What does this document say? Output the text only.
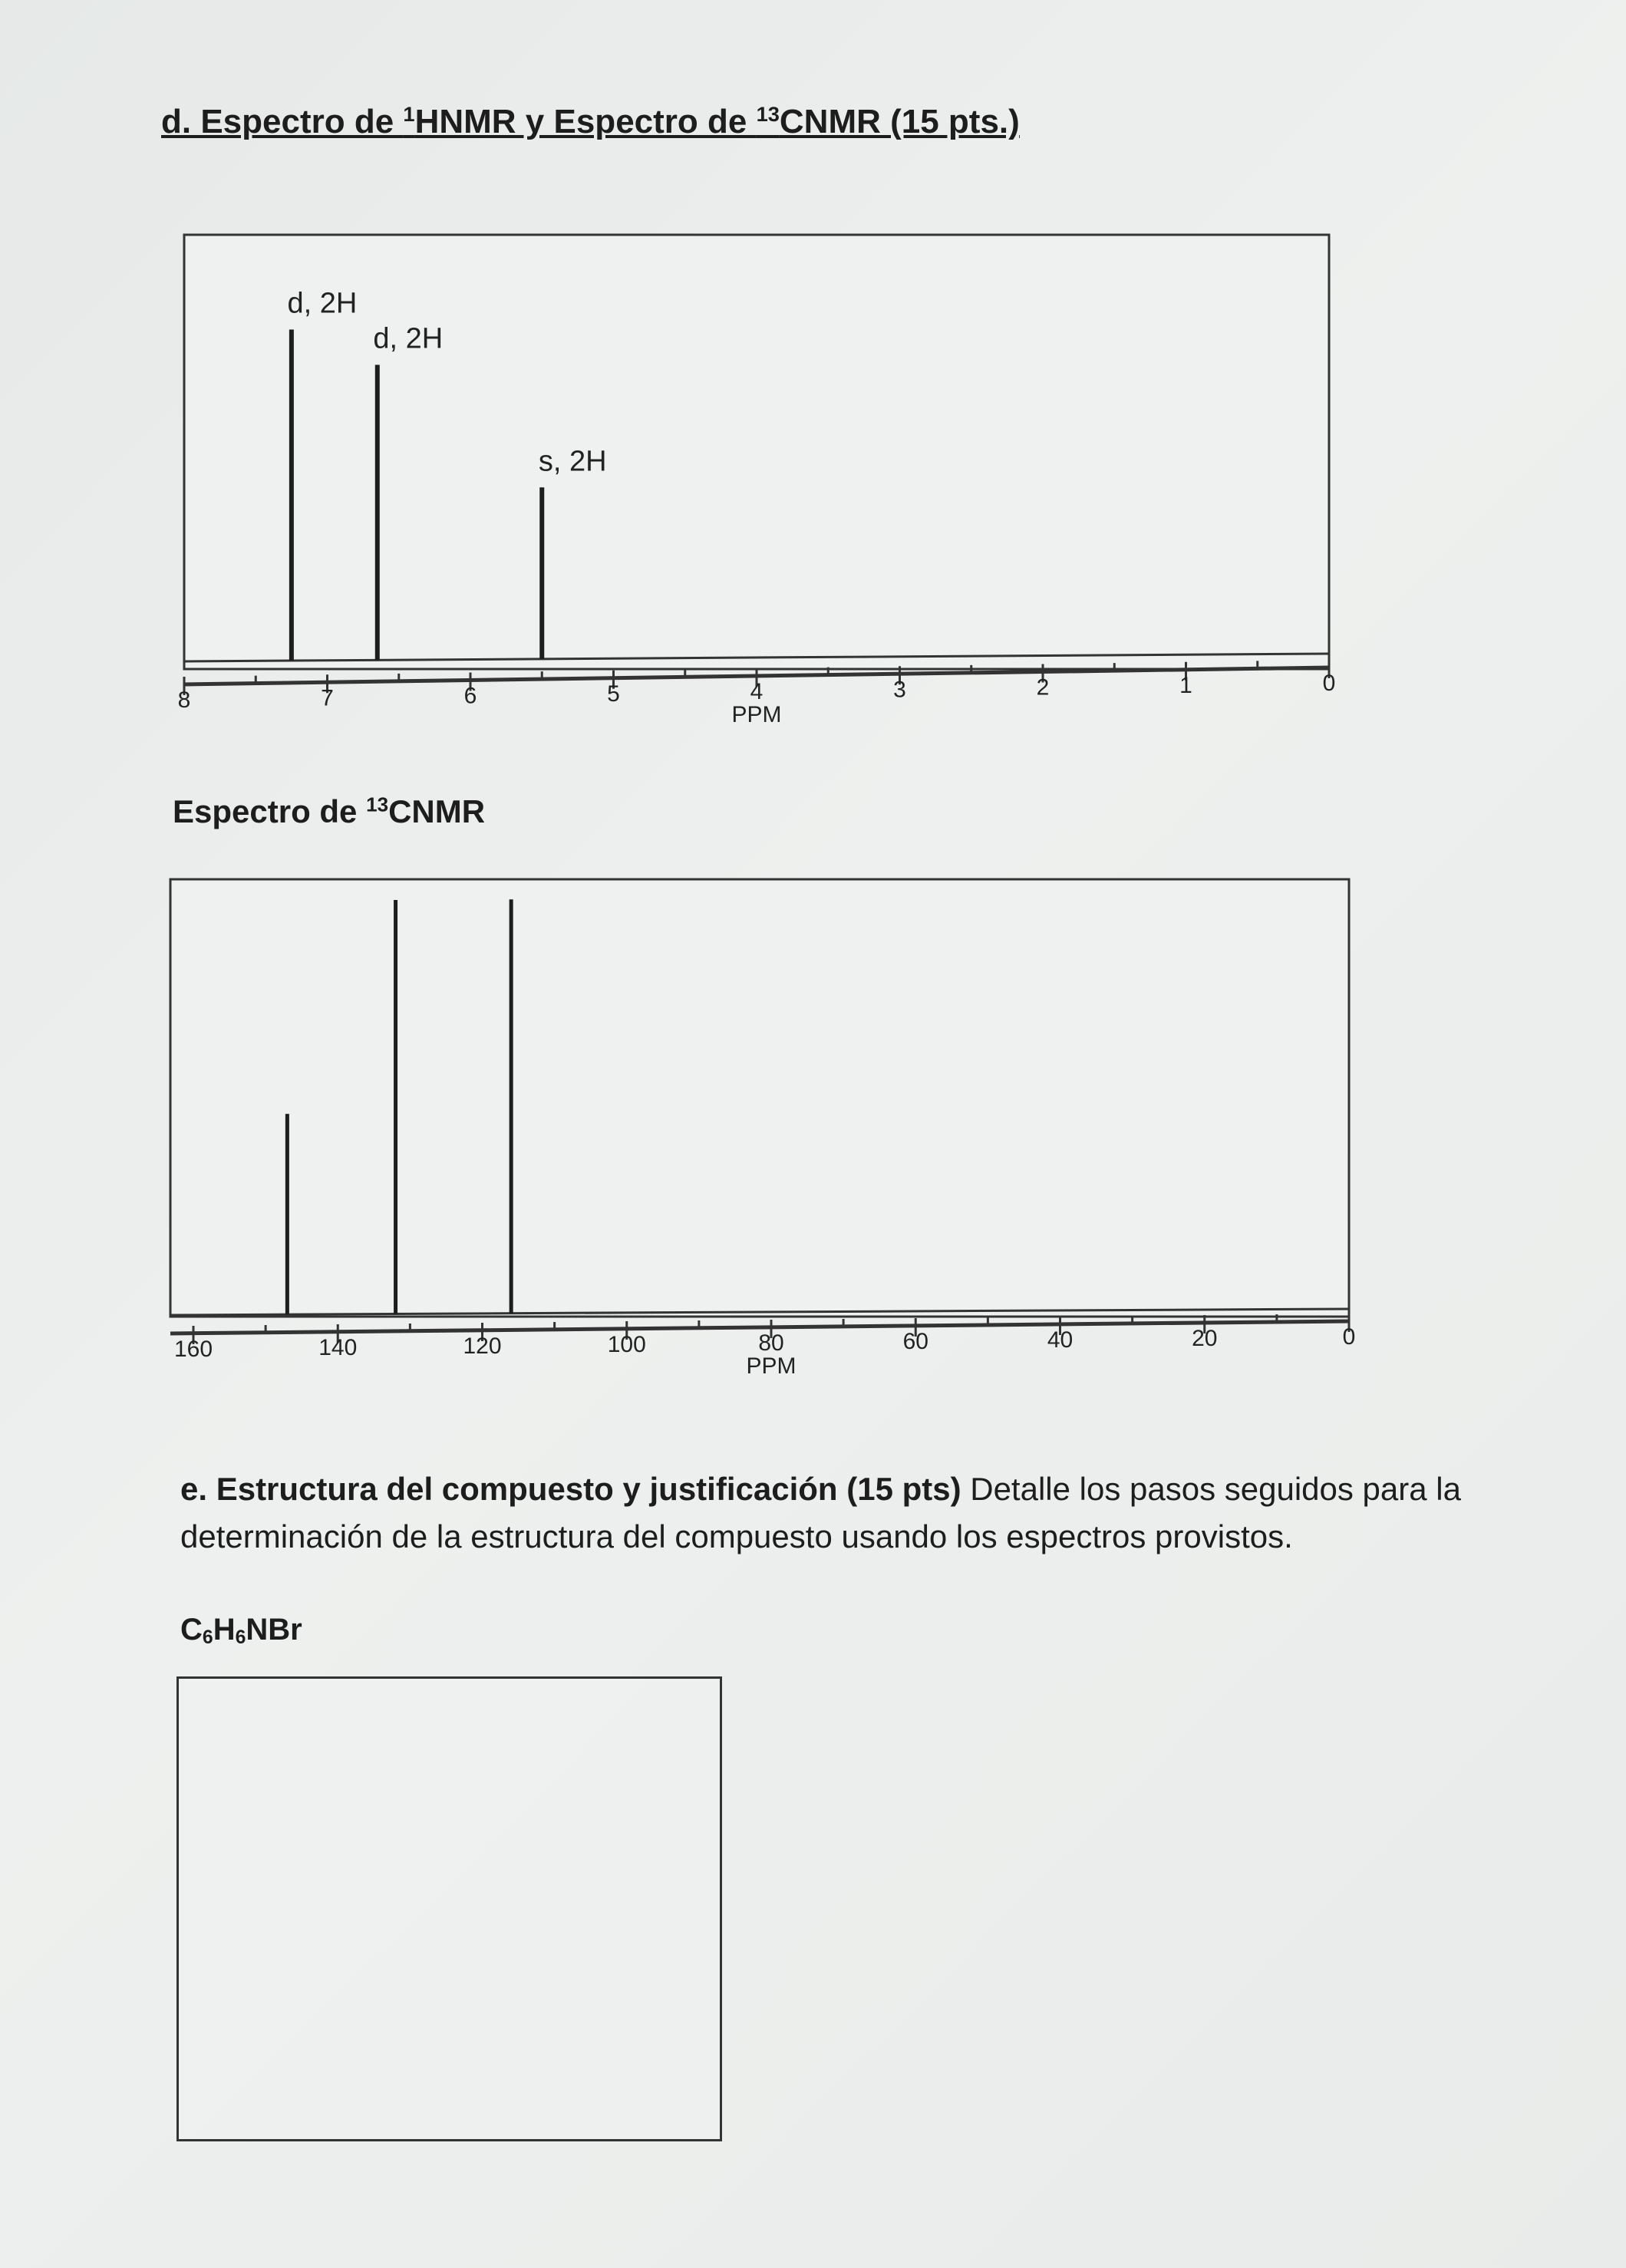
d. Espectro de $^1$HNMR y Espectro de $^{13}$CNMR (15 pts.)
8	7	6	5	4	3	2	1	0
d, 2H
d, 2H
s, 2H
PPM
160	140	120	100	80	60	40	20	0
PPM
Espectro de $^{13}$CNMR
e. Estructura del compuesto y justificación (15 pts) Detalle los pasos seguidos para la determinación de la estructura del compuesto usando los espectros provistos.
$C_6H_6NBr$
